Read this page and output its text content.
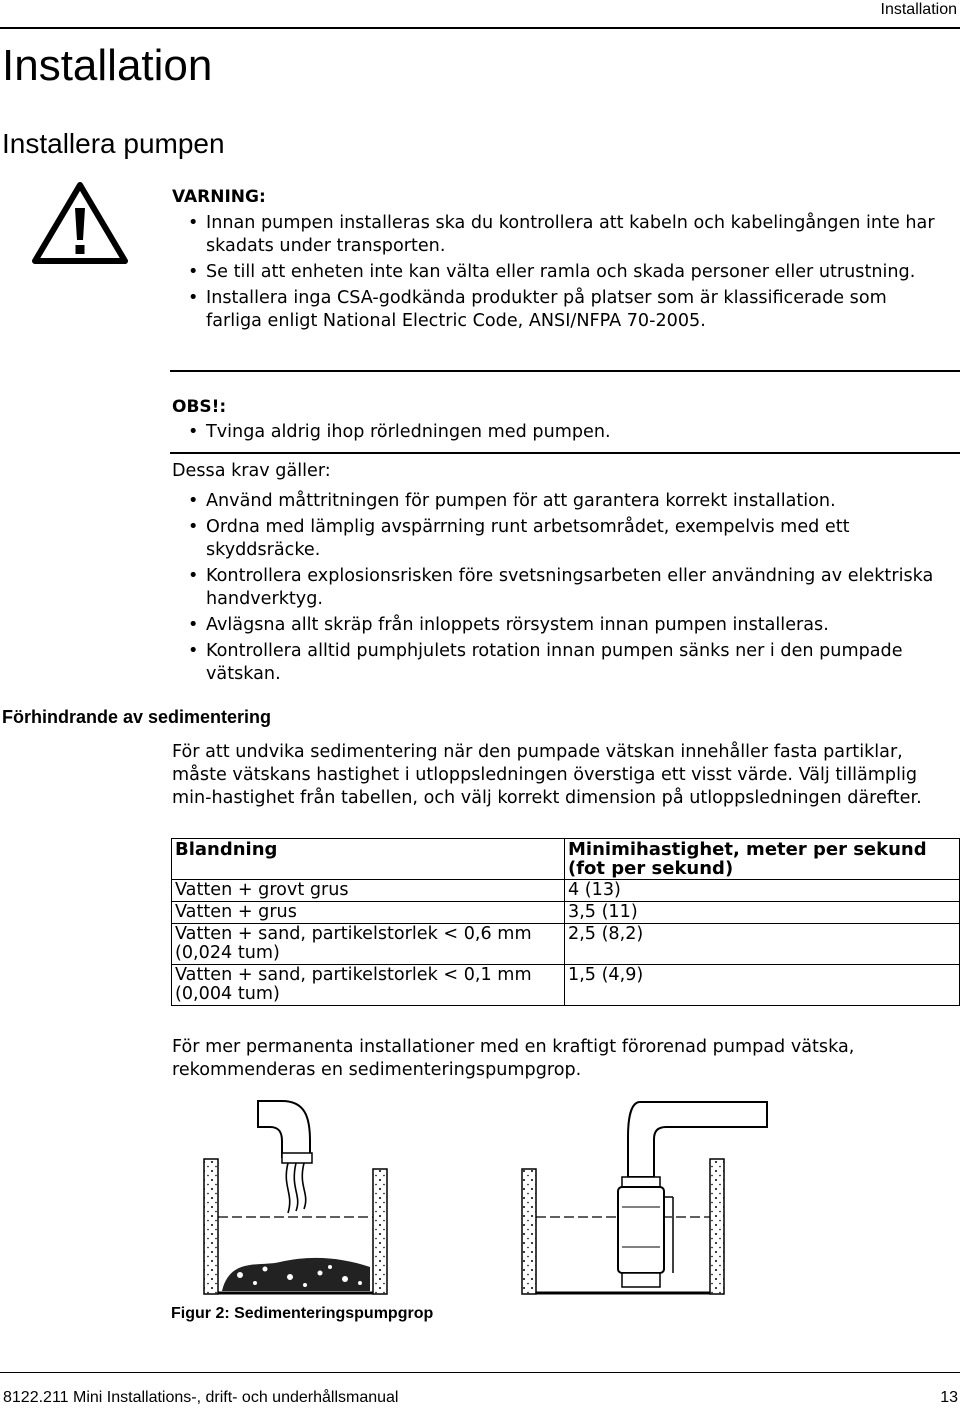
Installation
Installation
Installera pumpen
VARNING:
• Innan pumpen installeras ska du kontrollera att kabeln och kabelingången inte har skadats under transporten.
• Se till att enheten inte kan välta eller ramla och skada personer eller utrustning.
• Installera inga CSA-godkända produkter på platser som är klassificerade som farliga enligt National Electric Code, ANSI/NFPA 70-2005.
OBS!:
• Tvinga aldrig ihop rörledningen med pumpen.
Dessa krav gäller:
• Använd måttritningen för pumpen för att garantera korrekt installation.
• Ordna med lämplig avspärrning runt arbetsområdet, exempelvis med ett skyddsräcke.
• Kontrollera explosionsrisken före svetsningsarbeten eller användning av elektriska handverktyg.
• Avlägsna allt skräp från inloppets rörsystem innan pumpen installeras.
• Kontrollera alltid pumphjulets rotation innan pumpen sänks ner i den pumpade vätskan.
Förhindrande av sedimentering
För att undvika sedimentering när den pumpade vätskan innehåller fasta partiklar, måste vätskans hastighet i utloppsledningen överstiga ett visst värde. Välj tillämplig min-hastighet från tabellen, och välj korrekt dimension på utloppsledningen därefter.
Blandning	Minimihastighet, meter per sekund (fot per sekund)
Vatten + grovt grus	4 (13)
Vatten + grus	3,5 (11)
Vatten + sand, partikelstorlek < 0,6 mm (0,024 tum)	2,5 (8,2)
Vatten + sand, partikelstorlek < 0,1 mm (0,004 tum)	1,5 (4,9)
För mer permanenta installationer med en kraftigt förorenad pumpad vätska, rekommenderas en sedimenteringspumpgrop.
Figur 2: Sedimenteringspumpgrop
8122.211 Mini Installations-, drift- och underhållsmanual	13
